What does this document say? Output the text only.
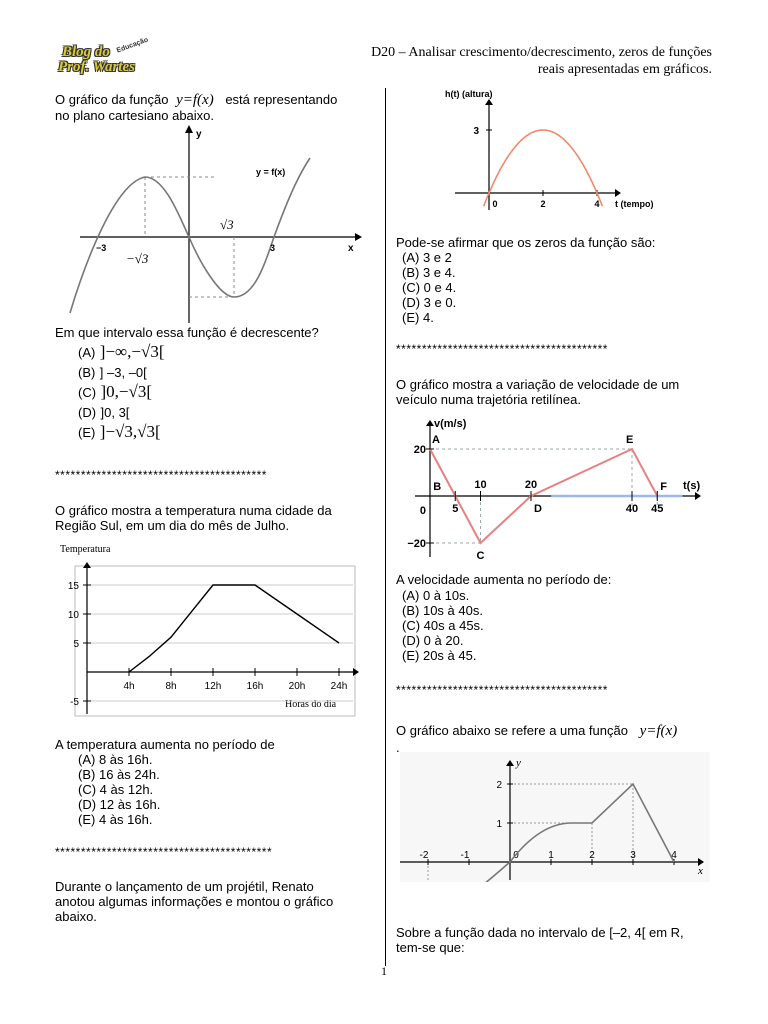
Blog do
Prof. Wartes
Educação	D20 – Analisar crescimento/decrescimento, zeros de funções
reais apresentadas em gráficos.
O gráfico da função y=f(x) está representando
no plano cartesiano abaixo.
y
x
y = f(x)
−3
−√3
√3
3
Em que intervalo essa função é decrescente?
(A) ]−∞,−√3[
(B) ] –3, –0[
(C) ]0,−√3[
(D) ]0, 3[
(E) ]−√3,√3[
*****************************************
O gráfico mostra a temperatura numa cidade da
Região Sul, em um dia do mês de Julho.
Temperatura
Horas do dia
15
10
5
-5
4h	8h	12h	16h	20h	24h
A temperatura aumenta no período de
(A) 8 às 16h.
(B) 16 às 24h.
(C) 4 às 12h.
(D) 12 às 16h.
(E) 4 às 16h.
******************************************
Durante o lançamento de um projétil, Renato
anotou algumas informações e montou o gráfico
abaixo.
h(t) (altura)
t (tempo)
3
0	2	4
Pode-se afirmar que os zeros da função são:
(A) 3 e 2
(B) 3 e 4.
(C) 0 e 4.
(D) 3 e 0.
(E) 4.
*****************************************
O gráfico mostra a variação de velocidade de um
veículo numa trajetória retilínea.
v(m/s)
t(s)
A
B
C
D
E
F
20
0
−20
5
10	20
40 45
A velocidade aumenta no período de:
(A) 0 à 10s.
(B) 10s à 40s.
(C) 40s a 45s.
(D) 0 à 20.
(E) 20s à 45.
*****************************************
O gráfico abaixo se refere a uma função y=f(x)
.
y
x
-2	-1	0	1	2	3	4
2
1
Sobre a função dada no intervalo de [–2, 4[ em R,
tem-se que:
1
